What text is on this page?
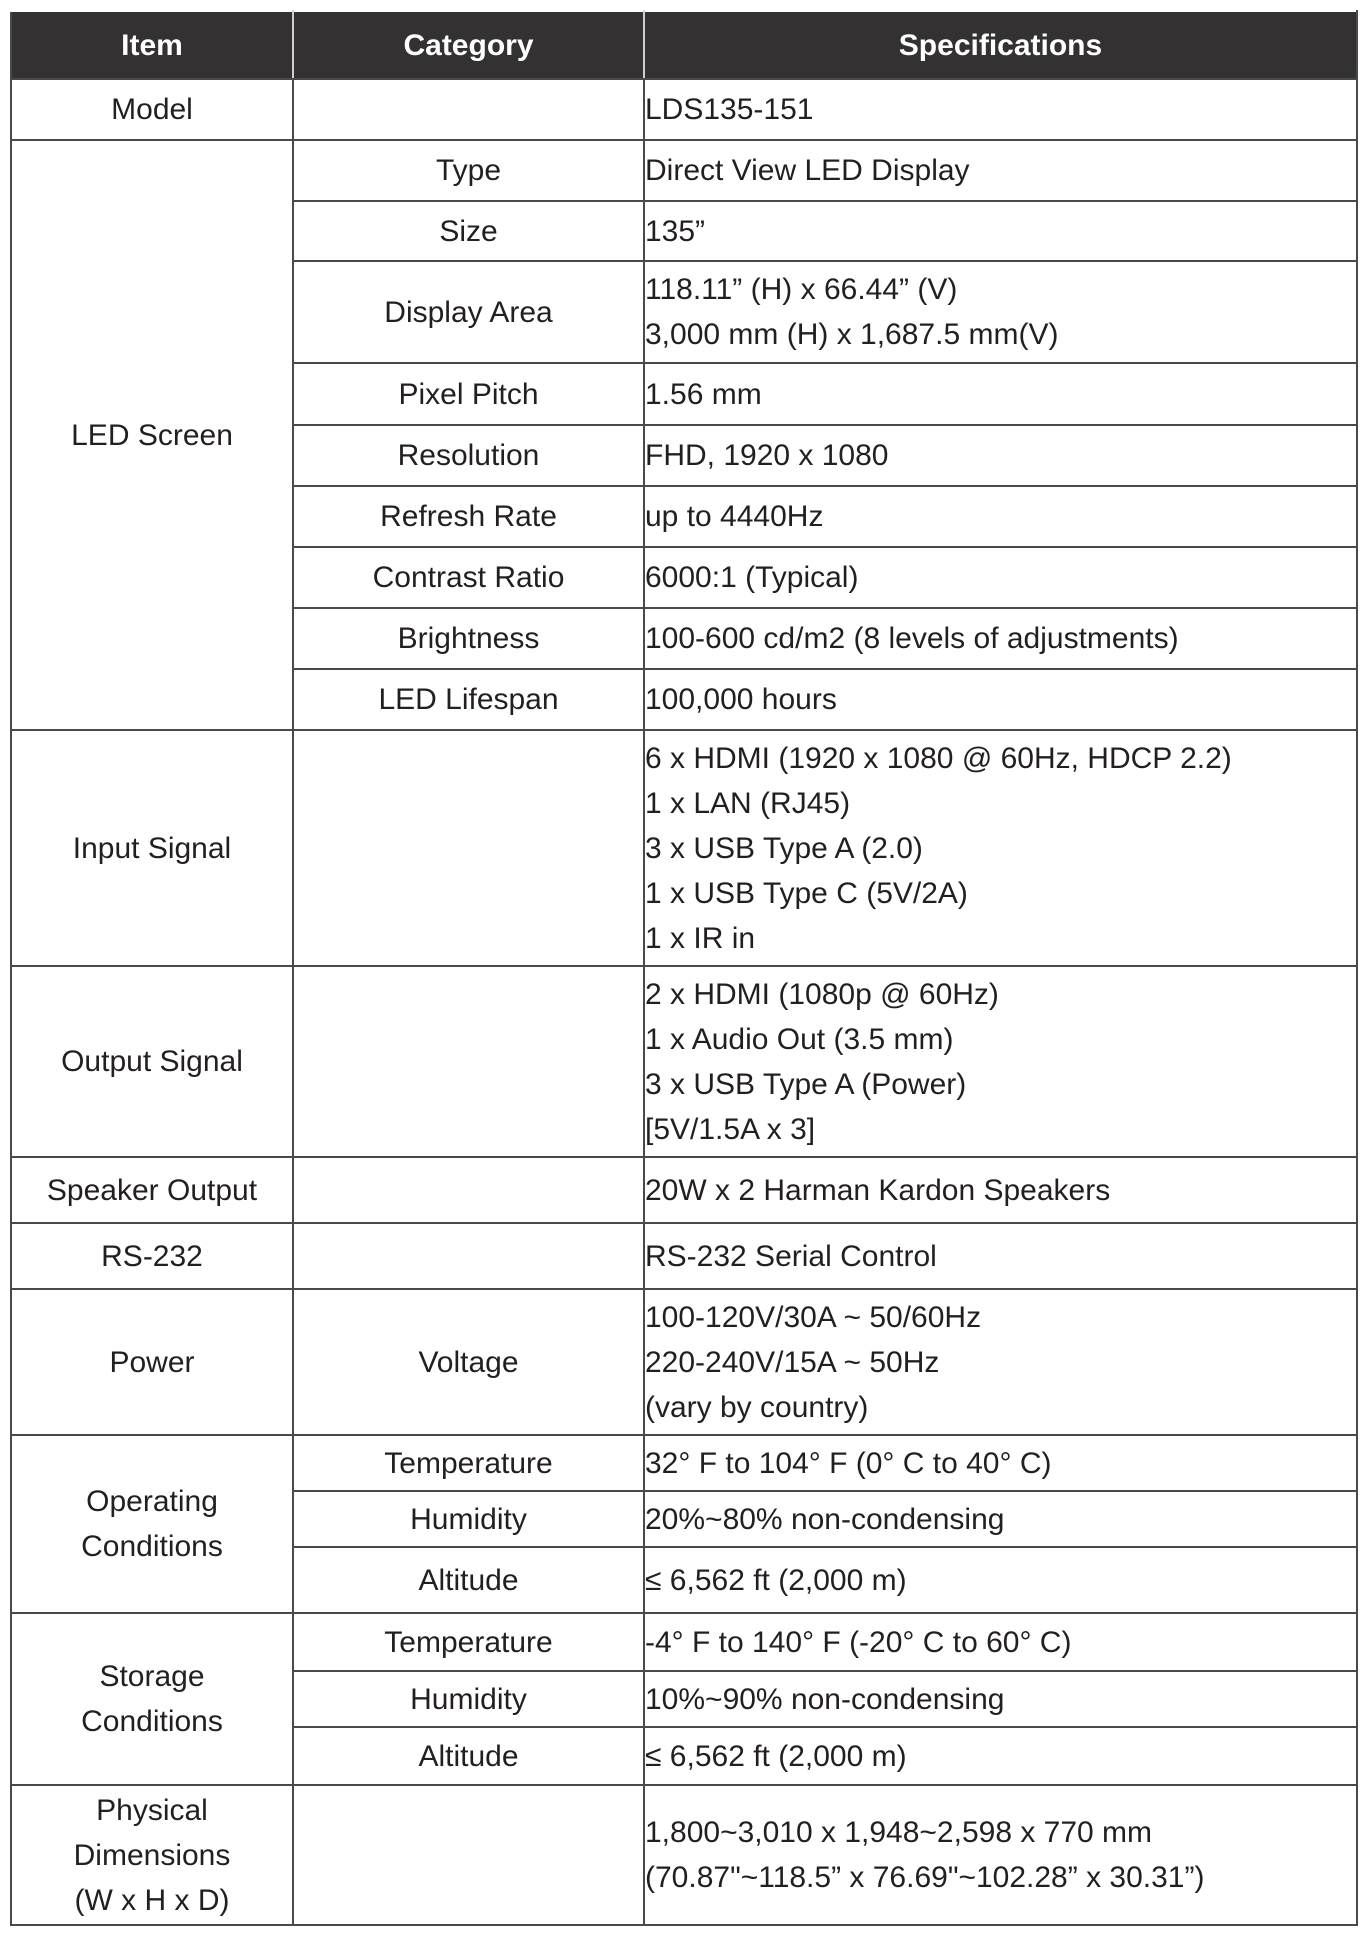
Item	Category	Specifications
Model		LDS135-151
LED Screen	Type	Direct View LED Display
	Size	135”
	Display Area	118.11” (H) x 66.44” (V)
3,000 mm (H) x 1,687.5 mm(V)

	Pixel Pitch	1.56 mm
	Resolution	FHD, 1920 x 1080
	Refresh Rate	up to 4440Hz
	Contrast Ratio	6000:1 (Typical)
	Brightness	100-600 cd/m2 (8 levels of adjustments)
	LED Lifespan	100,000 hours
Input Signal		6 x HDMI (1920 x 1080 @ 60Hz, HDCP 2.2)
1 x LAN (RJ45)
3 x USB Type A (2.0)
1 x USB Type C (5V/2A)
1 x IR in

Output Signal		2 x HDMI (1080p @ 60Hz)
1 x Audio Out (3.5 mm)
3 x USB Type A (Power)
[5V/1.5A x 3]

Speaker Output		20W x 2 Harman Kardon Speakers
RS-232		RS-232 Serial Control
Power	Voltage	100-120V/30A ~ 50/60Hz
220-240V/15A ~ 50Hz
(vary by country)

Operating
Conditions	Temperature	32° F to 104° F (0° C to 40° C)
	Humidity	20%~80% non-condensing
	Altitude	≤ 6,562 ft (2,000 m)

Storage
Conditions	Temperature	-4° F to 140° F (-20° C to 60° C)
	Humidity	10%~90% non-condensing
	Altitude	≤ 6,562 ft (2,000 m)

Physical
Dimensions
(W x H x D)		1,800~3,010 x 1,948~2,598 x 770 mm
(70.87"~118.5” x 76.69"~102.28” x 30.31”)
